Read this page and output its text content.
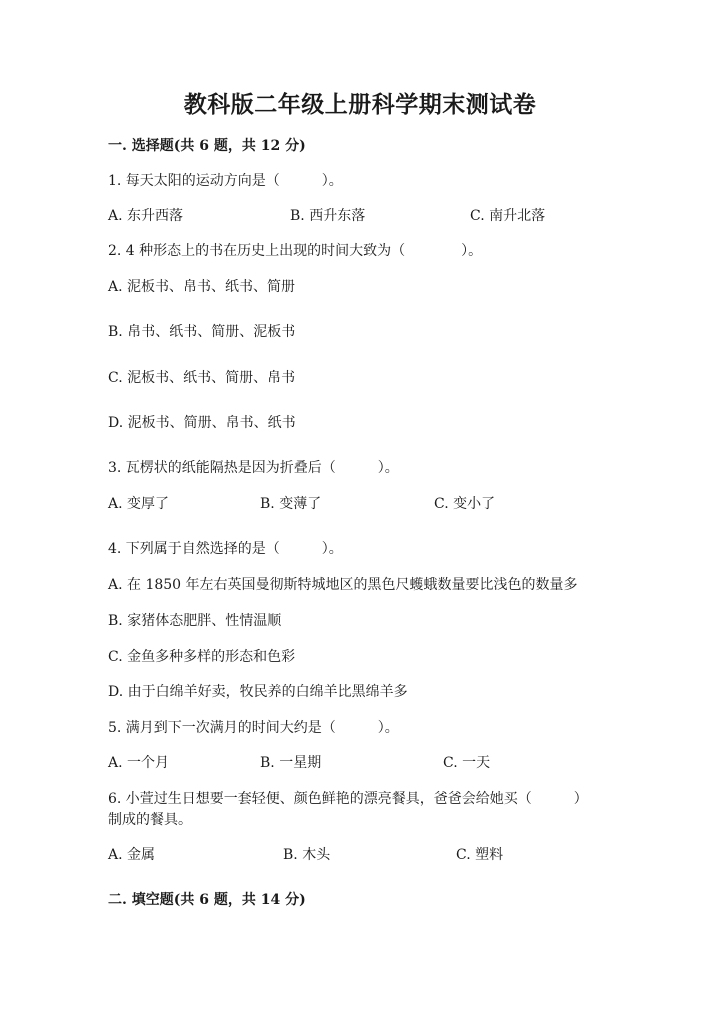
教科版二年级上册科学期末测试卷
一. 选择题(共 6 题，共 12 分)
1. 每天太阳的运动方向是（　　　）。
A. 东升西落	B. 西升东落	C. 南升北落
2. 4 种形态上的书在历史上出现的时间大致为（　　　　）。
A. 泥板书、帛书、纸书、简册
B. 帛书、纸书、简册、泥板书
C. 泥板书、纸书、简册、帛书
D. 泥板书、简册、帛书、纸书
3. 瓦楞状的纸能隔热是因为折叠后（　　　）。
A. 变厚了	B. 变薄了	C. 变小了
4. 下列属于自然选择的是（　　　）。
A. 在 1850 年左右英国曼彻斯特城地区的黑色尺蠖蛾数量要比浅色的数量多
B. 家猪体态肥胖、性情温顺
C. 金鱼多种多样的形态和色彩
D. 由于白绵羊好卖，牧民养的白绵羊比黑绵羊多
5. 满月到下一次满月的时间大约是（　　　）。
A. 一个月	B. 一星期	C. 一天
6. 小萱过生日想要一套轻便、颜色鲜艳的漂亮餐具，爸爸会给她买（　　　）
制成的餐具。
A. 金属	B. 木头	C. 塑料
二. 填空题(共 6 题，共 14 分)
